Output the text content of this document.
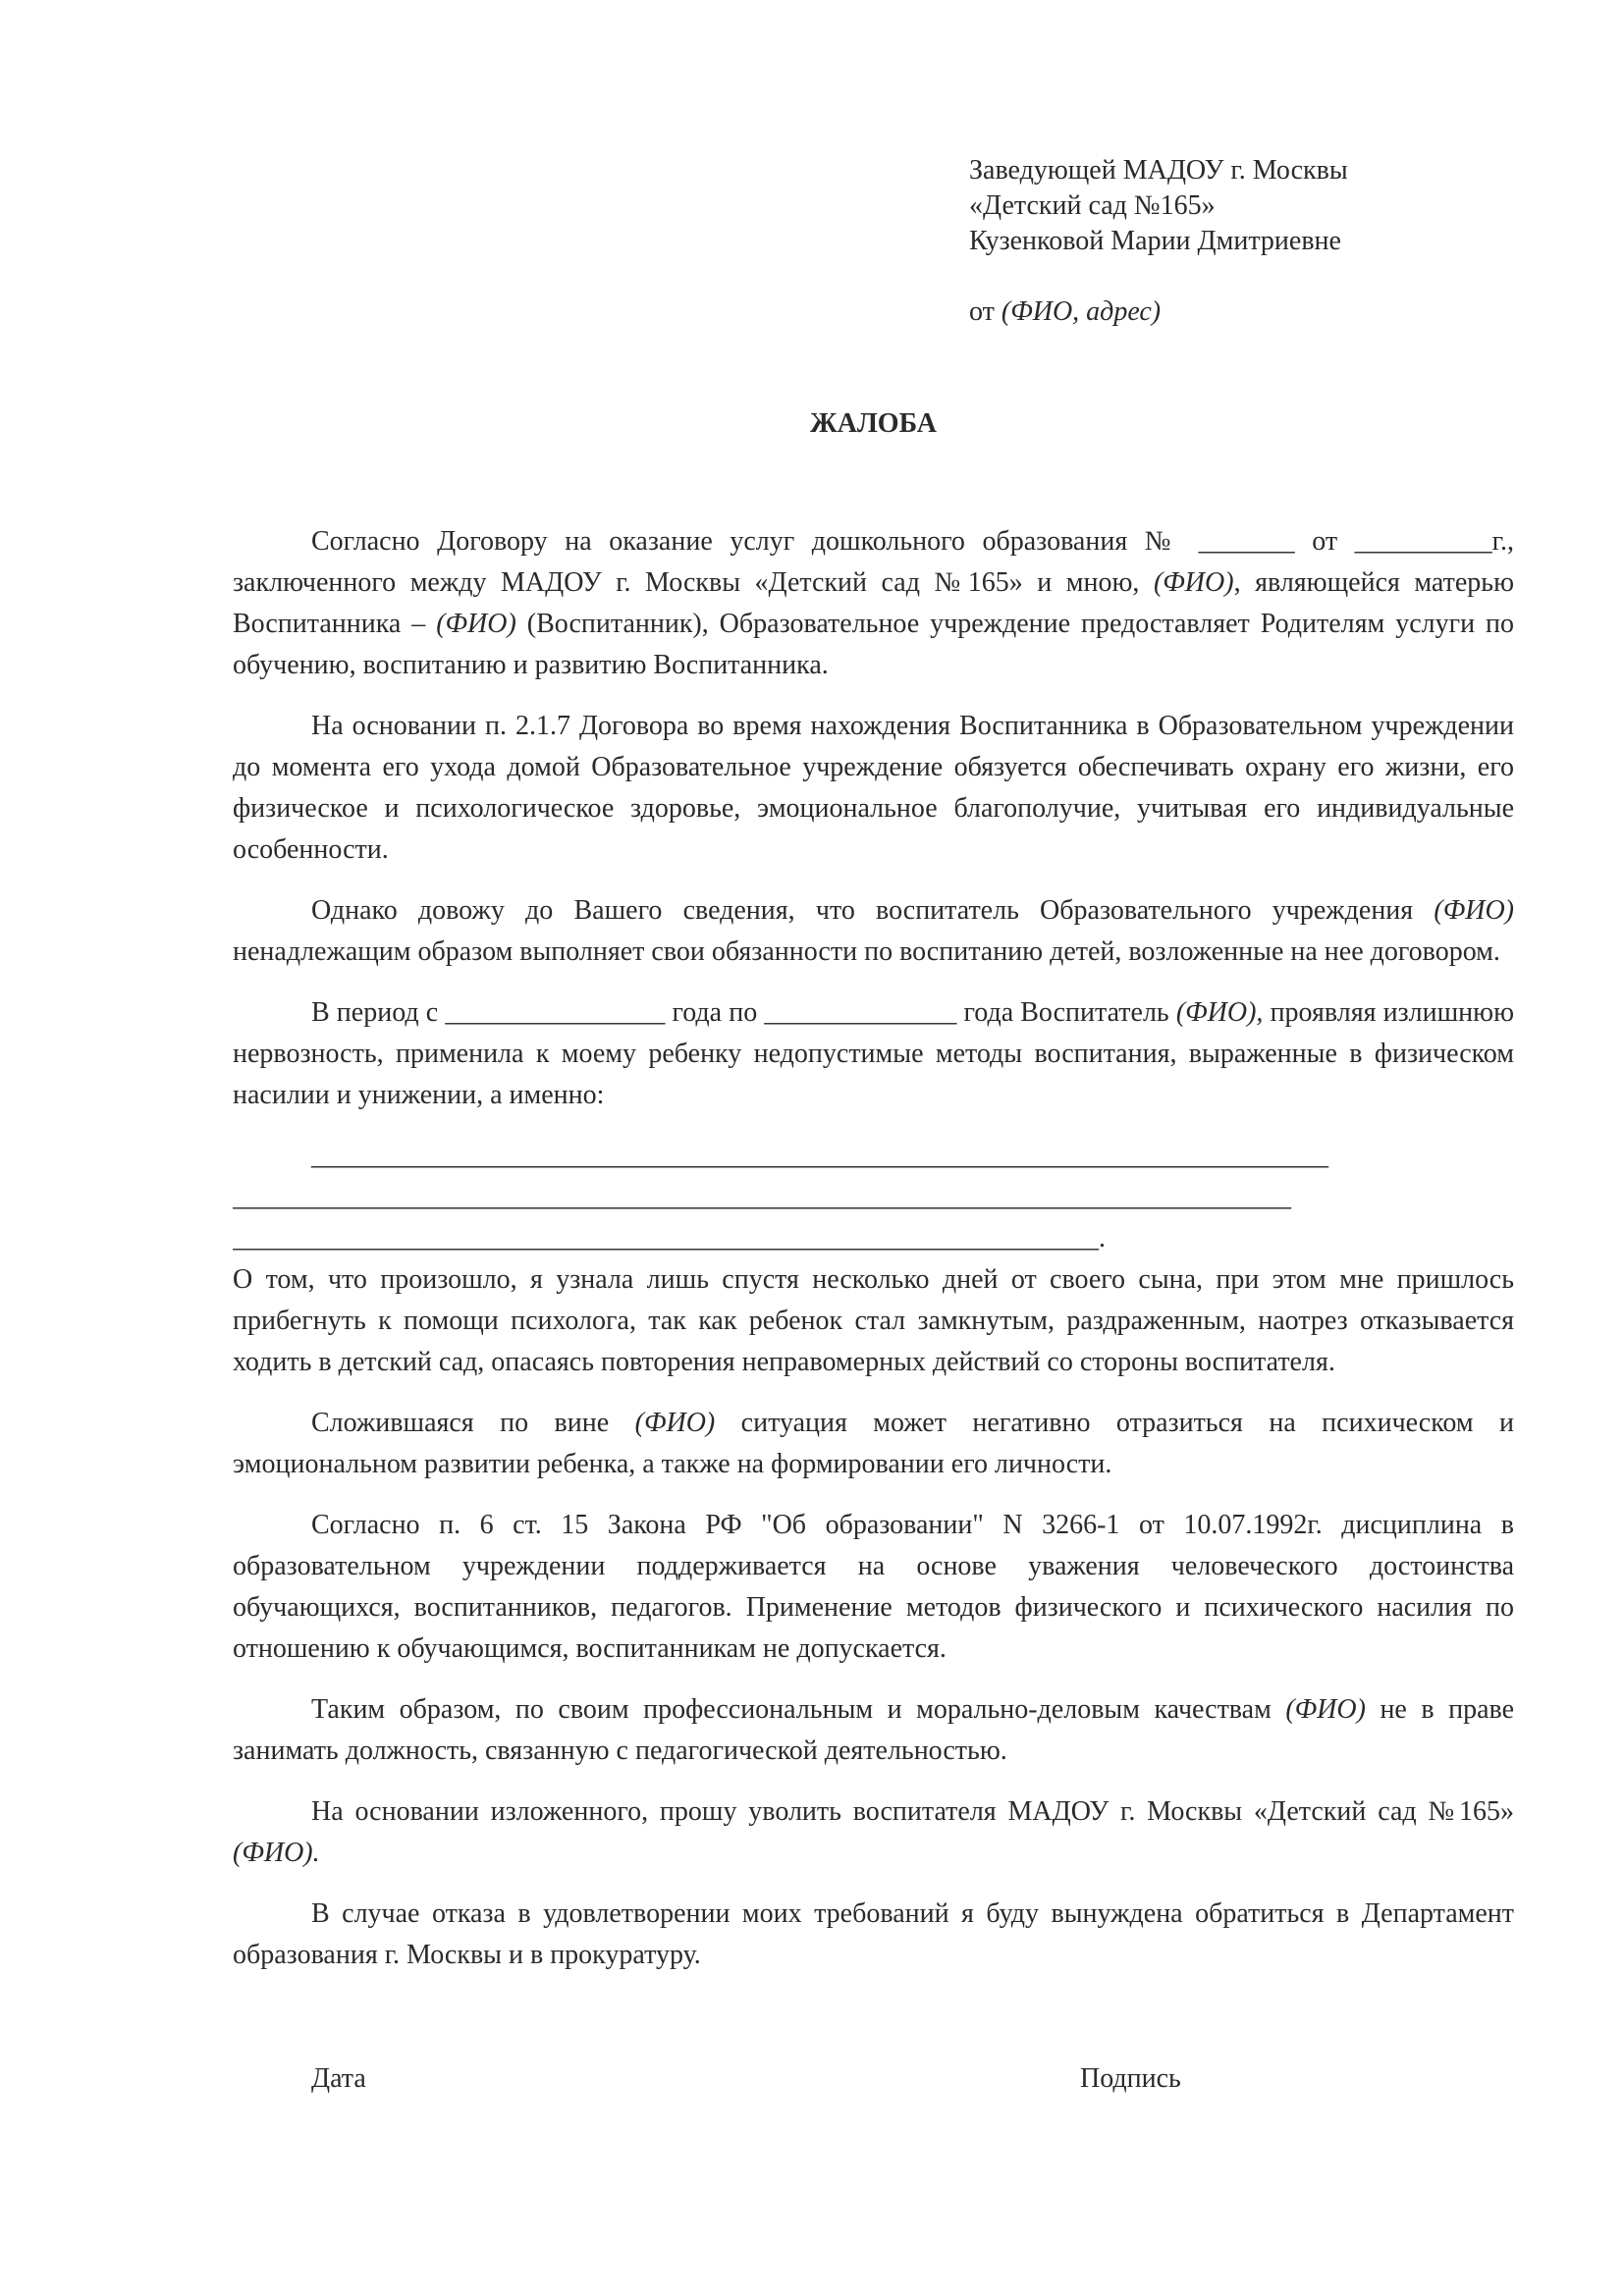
Заведующей МАДОУ г. Москвы
«Детский сад №165»
Кузенковой Марии Дмитриевне
от (ФИО, адрес)
ЖАЛОБА

Согласно Договору на оказание услуг дошкольного образования № _______ от __________г., заключенного между МАДОУ г. Москвы «Детский сад №165» и мною, (ФИО), являющейся матерью Воспитанника – (ФИО) (Воспитанник), Образовательное учреждение предоставляет Родителям услуги по обучению, воспитанию и развитию Воспитанника.

На основании п. 2.1.7 Договора во время нахождения Воспитанника в Образовательном учреждении до момента его ухода домой Образовательное учреждение обязуется обеспечивать охрану его жизни, его физическое и психологическое здоровье, эмоциональное благополучие, учитывая его индивидуальные особенности.

Однако довожу до Вашего сведения, что воспитатель Образовательного учреждения (ФИО) ненадлежащим образом выполняет свои обязанности по воспитанию детей, возложенные на нее договором.

В период с ________________ года по ______________ года Воспитатель (ФИО), проявляя излишнюю нервозность, применила к моему ребенку недопустимые методы воспитания, выраженные в физическом насилии и унижении, а именно:

__________________________________________________________________________
_____________________________________________________________________________
_______________________________________________________________.

О том, что произошло, я узнала лишь спустя несколько дней от своего сына, при этом мне пришлось прибегнуть к помощи психолога, так как ребенок стал замкнутым, раздраженным, наотрез отказывается ходить в детский сад, опасаясь повторения неправомерных действий со стороны воспитателя.

Сложившаяся по вине (ФИО) ситуация может негативно отразиться на психическом и эмоциональном развитии ребенка, а также на формировании его личности.

Согласно п. 6 ст. 15 Закона РФ "Об образовании" N 3266-1 от 10.07.1992г. дисциплина в образовательном учреждении поддерживается на основе уважения человеческого достоинства обучающихся, воспитанников, педагогов. Применение методов физического и психического насилия по отношению к обучающимся, воспитанникам не допускается.

Таким образом, по своим профессиональным и морально-деловым качествам (ФИО) не в праве занимать должность, связанную с педагогической деятельностью.

На основании изложенного, прошу уволить воспитателя МАДОУ г. Москвы «Детский сад №165» (ФИО).

В случае отказа в удовлетворении моих требований я буду вынуждена обратиться в Департамент образования г. Москвы и в прокуратуру.

Дата	Подпись
